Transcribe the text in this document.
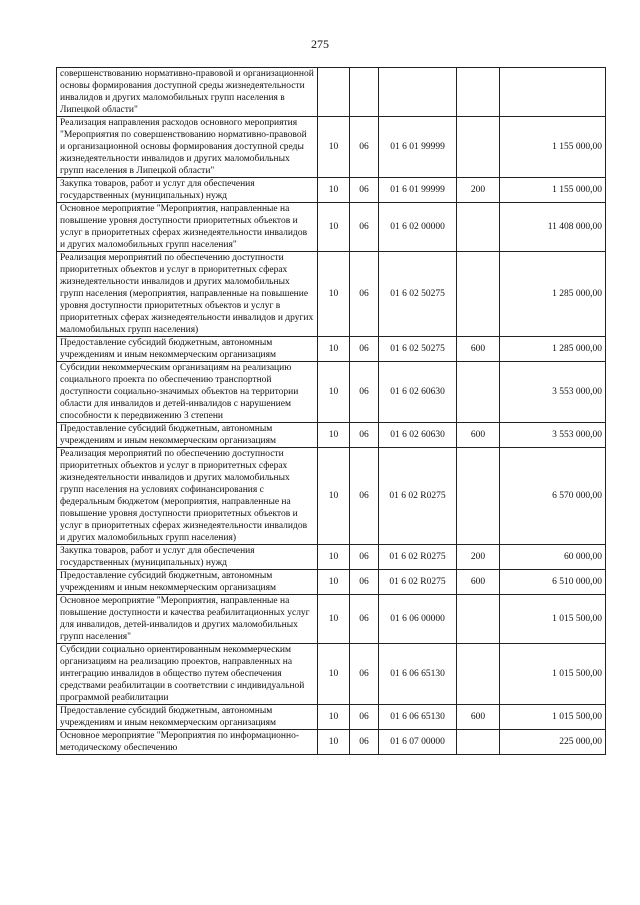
275
совершенствованию нормативно-правовой и организационной основы формирования доступной среды жизнедеятельности инвалидов и других маломобильных групп населения в Липецкой области"					
Реализация направления расходов основного мероприятия "Мероприятия по совершенствованию нормативно-правовой и организационной основы формирования доступной среды жизнедеятельности инвалидов и других маломобильных групп населения в Липецкой области"	10	06	01 6 01 99999		1 155 000,00
Закупка товаров, работ и услуг для обеспечения государственных (муниципальных) нужд	10	06	01 6 01 99999	200	1 155 000,00
Основное мероприятие "Мероприятия, направленные на повышение уровня доступности приоритетных объектов и услуг в приоритетных сферах жизнедеятельности инвалидов и других маломобильных групп населения"	10	06	01 6 02 00000		11 408 000,00
Реализация мероприятий по обеспечению доступности приоритетных объектов и услуг в приоритетных сферах жизнедеятельности инвалидов и других маломобильных групп населения (мероприятия, направленные на повышение уровня доступности приоритетных объектов и услуг в приоритетных сферах жизнедеятельности инвалидов и других маломобильных групп населения)	10	06	01 6 02 50275		1 285 000,00
Предоставление субсидий бюджетным, автономным учреждениям и иным некоммерческим организациям	10	06	01 6 02 50275	600	1 285 000,00
Субсидии некоммерческим организациям на реализацию социального проекта по обеспечению транспортной доступности социально-значимых объектов на территории области для инвалидов и детей-инвалидов с нарушением способности к передвижению 3 степени	10	06	01 6 02 60630		3 553 000,00
Предоставление субсидий бюджетным, автономным учреждениям и иным некоммерческим организациям	10	06	01 6 02 60630	600	3 553 000,00
Реализация мероприятий по обеспечению доступности приоритетных объектов и услуг в приоритетных сферах жизнедеятельности инвалидов и других маломобильных групп населения на условиях софинансирования с федеральным бюджетом (мероприятия, направленные на повышение уровня доступности приоритетных объектов и услуг в приоритетных сферах жизнедеятельности инвалидов и других маломобильных групп населения)	10	06	01 6 02 R0275		6 570 000,00
Закупка товаров, работ и услуг для обеспечения государственных (муниципальных) нужд	10	06	01 6 02 R0275	200	60 000,00
Предоставление субсидий бюджетным, автономным учреждениям и иным некоммерческим организациям	10	06	01 6 02 R0275	600	6 510 000,00
Основное мероприятие "Мероприятия, направленные на повышение доступности и качества реабилитационных услуг для инвалидов, детей-инвалидов и других маломобильных групп населения"	10	06	01 6 06 00000		1 015 500,00
Субсидии социально ориентированным некоммерческим организациям на реализацию проектов, направленных на интеграцию инвалидов в общество путем обеспечения средствами реабилитации в соответствии с индивидуальной программой реабилитации	10	06	01 6 06 65130		1 015 500,00
Предоставление субсидий бюджетным, автономным учреждениям и иным некоммерческим организациям	10	06	01 6 06 65130	600	1 015 500,00
Основное мероприятие "Мероприятия по информационно-методическому обеспечению	10	06	01 6 07 00000		225 000,00
